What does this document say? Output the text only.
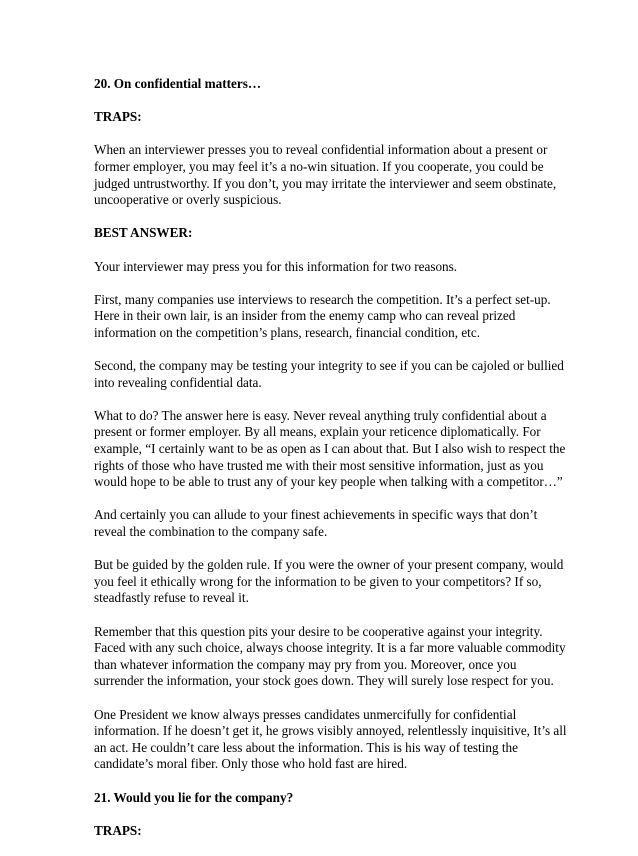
20. On confidential matters…

TRAPS:

When an interviewer presses you to reveal confidential information about a present or
former employer, you may feel it’s a no-win situation. If you cooperate, you could be
judged untrustworthy. If you don’t, you may irritate the interviewer and seem obstinate,
uncooperative or overly suspicious.

BEST ANSWER:

Your interviewer may press you for this information for two reasons.

First, many companies use interviews to research the competition. It’s a perfect set-up.
Here in their own lair, is an insider from the enemy camp who can reveal prized
information on the competition’s plans, research, financial condition, etc.

Second, the company may be testing your integrity to see if you can be cajoled or bullied
into revealing confidential data.

What to do? The answer here is easy. Never reveal anything truly confidential about a
present or former employer. By all means, explain your reticence diplomatically. For
example, “I certainly want to be as open as I can about that. But I also wish to respect the
rights of those who have trusted me with their most sensitive information, just as you
would hope to be able to trust any of your key people when talking with a competitor…”

And certainly you can allude to your finest achievements in specific ways that don’t
reveal the combination to the company safe.

But be guided by the golden rule. If you were the owner of your present company, would
you feel it ethically wrong for the information to be given to your competitors? If so,
steadfastly refuse to reveal it.

Remember that this question pits your desire to be cooperative against your integrity.
Faced with any such choice, always choose integrity. It is a far more valuable commodity
than whatever information the company may pry from you. Moreover, once you
surrender the information, your stock goes down. They will surely lose respect for you.

One President we know always presses candidates unmercifully for confidential
information. If he doesn’t get it, he grows visibly annoyed, relentlessly inquisitive, It’s all
an act. He couldn’t care less about the information. This is his way of testing the
candidate’s moral fiber. Only those who hold fast are hired.

21. Would you lie for the company?

TRAPS:
